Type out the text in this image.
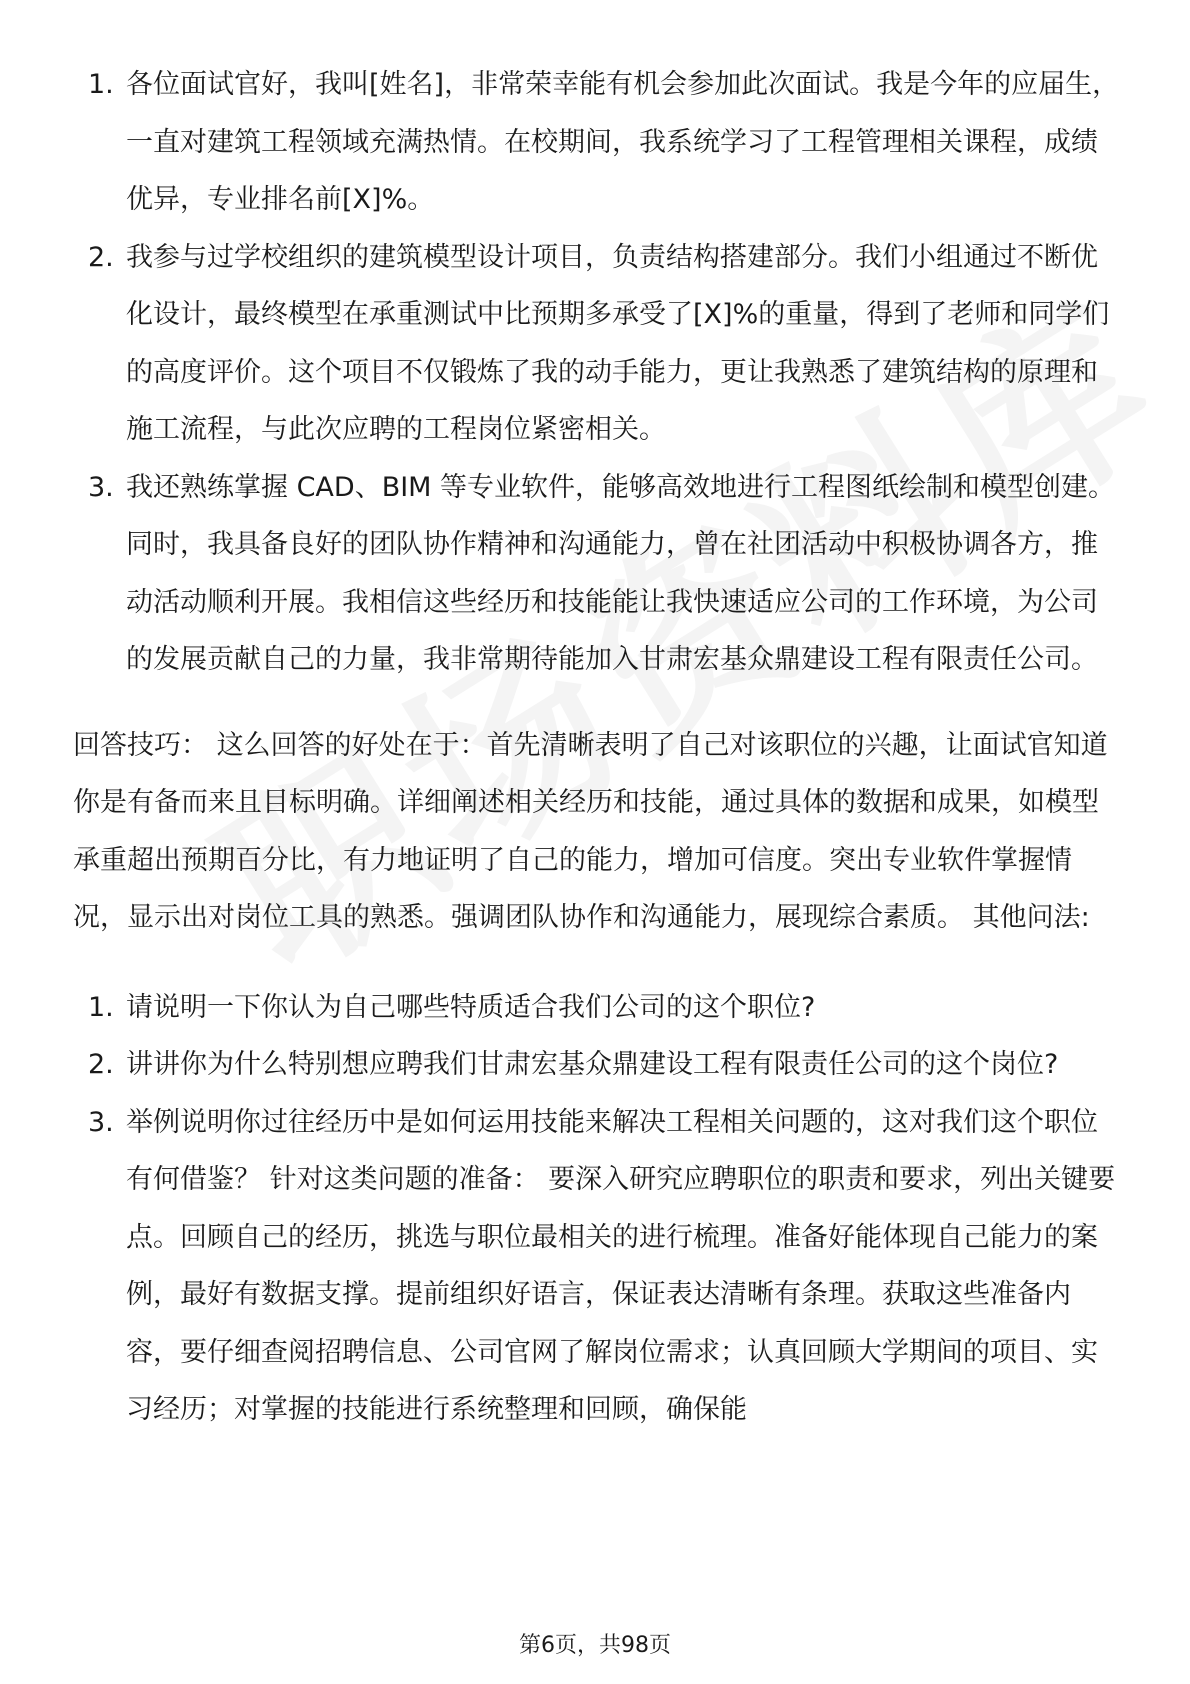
1. 各位面试官好，我叫[姓名]，非常荣幸能有机会参加此次面试。我是今年的应届生，一直对建筑工程领域充满热情。在校期间，我系统学习了工程管理相关课程，成绩优异，专业排名前[X]%。
2. 我参与过学校组织的建筑模型设计项目，负责结构搭建部分。我们小组通过不断优化设计，最终模型在承重测试中比预期多承受了[X]%的重量，得到了老师和同学们的高度评价。这个项目不仅锻炼了我的动手能力，更让我熟悉了建筑结构的原理和施工流程，与此次应聘的工程岗位紧密相关。
3. 我还熟练掌握 CAD、BIM 等专业软件，能够高效地进行工程图纸绘制和模型创建。同时，我具备良好的团队协作精神和沟通能力，曾在社团活动中积极协调各方，推动活动顺利开展。我相信这些经历和技能能让我快速适应公司的工作环境，为公司的发展贡献自己的力量，我非常期待能加入甘肃宏基众鼎建设工程有限责任公司。

回答技巧： 这么回答的好处在于：首先清晰表明了自己对该职位的兴趣，让面试官知道你是有备而来且目标明确。详细阐述相关经历和技能，通过具体的数据和成果，如模型承重超出预期百分比，有力地证明了自己的能力，增加可信度。突出专业软件掌握情况，显示出对岗位工具的熟悉。强调团队协作和沟通能力，展现综合素质。 其他问法:

1. 请说明一下你认为自己哪些特质适合我们公司的这个职位?
2. 讲讲你为什么特别想应聘我们甘肃宏基众鼎建设工程有限责任公司的这个岗位?
3. 举例说明你过往经历中是如何运用技能来解决工程相关问题的，这对我们这个职位有何借鉴？ 针对这类问题的准备： 要深入研究应聘职位的职责和要求，列出关键要点。回顾自己的经历，挑选与职位最相关的进行梳理。准备好能体现自己能力的案例，最好有数据支撑。提前组织好语言，保证表达清晰有条理。获取这些准备内容，要仔细查阅招聘信息、公司官网了解岗位需求；认真回顾大学期间的项目、实习经历；对掌握的技能进行系统整理和回顾，确保能
第6页，共98页
